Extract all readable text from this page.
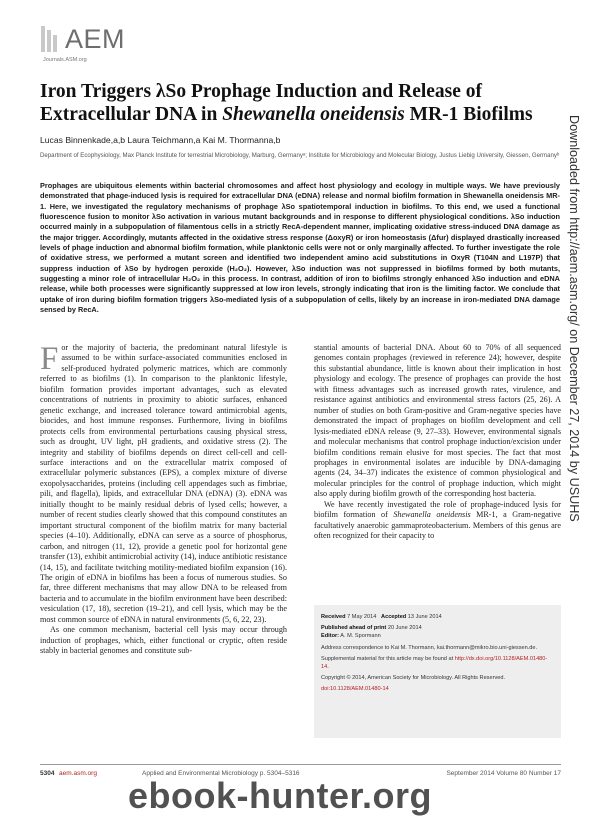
AEM
Journals.ASM.org
Downloaded from http://aem.asm.org/ on December 27, 2014 by USUHS
Iron Triggers λSo Prophage Induction and Release of Extracellular DNA in Shewanella oneidensis MR-1 Biofilms
Lucas Binnenkade,a,b Laura Teichmann,a Kai M. Thormanna,b
Department of Ecophysiology, Max Planck Institute for terrestrial Microbiology, Marburg, Germanyᵃ; Institute for Microbiology and Molecular Biology, Justus Liebig University, Giessen, Germanyᵇ
Prophages are ubiquitous elements within bacterial chromosomes and affect host physiology and ecology in multiple ways. We have previously demonstrated that phage-induced lysis is required for extracellular DNA (eDNA) release and normal biofilm formation in Shewanella oneidensis MR-1. Here, we investigated the regulatory mechanisms of prophage λSo spatiotemporal induction in biofilms. To this end, we used a functional fluorescence fusion to monitor λSo activation in various mutant backgrounds and in response to different physiological conditions. λSo induction occurred mainly in a subpopulation of filamentous cells in a strictly RecA-dependent manner, implicating oxidative stress-induced DNA damage as the major trigger. Accordingly, mutants affected in the oxidative stress response (ΔoxyR) or iron homeostasis (Δfur) displayed drastically increased levels of phage induction and abnormal biofilm formation, while planktonic cells were not or only marginally affected. To further investigate the role of oxidative stress, we performed a mutant screen and identified two independent amino acid substitutions in OxyR (T104N and L197P) that suppress induction of λSo by hydrogen peroxide (H₂O₂). However, λSo induction was not suppressed in biofilms formed by both mutants, suggesting a minor role of intracellular H₂O₂ in this process. In contrast, addition of iron to biofilms strongly enhanced λSo induction and eDNA release, while both processes were significantly suppressed at low iron levels, strongly indicating that iron is the limiting factor. We conclude that uptake of iron during biofilm formation triggers λSo-mediated lysis of a subpopulation of cells, likely by an increase in iron-mediated DNA damage sensed by RecA.

For the majority of bacteria, the predominant natural lifestyle is assumed to be within surface-associated communities enclosed in self-produced hydrated polymeric matrices, which are commonly referred to as biofilms (1). In comparison to the planktonic lifestyle, biofilm formation provides important advantages, such as elevated concentrations of nutrients in proximity to abiotic surfaces, enhanced genetic exchange, and increased tolerance toward antimicrobial agents, biocides, and host immune responses. Furthermore, living in biofilms protects cells from environmental perturbations causing physical stress, such as drought, UV light, pH gradients, and oxidative stress (2). The integrity and stability of biofilms depends on direct cell-cell and cell-surface interactions and on the extracellular matrix composed of extracellular polymeric substances (EPS), a complex mixture of diverse exopolysaccharides, proteins (including cell appendages such as fimbriae, pili, and flagella), lipids, and extracellular DNA (eDNA) (3). eDNA was initially thought to be mainly residual debris of lysed cells; however, a number of recent studies clearly showed that this compound constitutes an important structural component of the biofilm matrix for many bacterial species (4–10). Additionally, eDNA can serve as a source of phosphorus, carbon, and nitrogen (11, 12), provide a genetic pool for horizontal gene transfer (13), exhibit antimicrobial activity (14), induce antibiotic resistance (14, 15), and facilitate twitching motility-mediated biofilm expansion (16). The origin of eDNA in biofilms has been a focus of numerous studies. So far, three different mechanisms that may allow DNA to be released from bacteria and to accumulate in the biofilm environment have been described: vesiculation (17, 18), secretion (19–21), and cell lysis, which may be the most common source of eDNA in natural environments (5, 6, 22, 23).

As one common mechanism, bacterial cell lysis may occur through induction of prophages, which, either functional or cryptic, often reside stably in bacterial genomes and constitute sub-

stantial amounts of bacterial DNA. About 60 to 70% of all sequenced genomes contain prophages (reviewed in reference 24); however, despite this substantial abundance, little is known about their implication in host physiology and ecology. The presence of prophages can provide the host with fitness advantages such as increased growth rates, virulence, and resistance against antibiotics and environmental stress factors (25, 26). A number of studies on both Gram-positive and Gram-negative species have demonstrated the impact of prophages on biofilm development and cell lysis-mediated eDNA release (9, 27–33). However, environmental signals and molecular mechanisms that control prophage induction/excision under biofilm conditions remain elusive for most species. The fact that most prophages in environmental isolates are inducible by DNA-damaging agents (24, 34–37) indicates the existence of common physiological and molecular principles for the control of prophage induction, which might also apply during biofilm growth of the corresponding host bacteria.

We have recently investigated the role of prophage-induced lysis for biofilm formation of Shewanella oneidensis MR-1, a Gram-negative facultatively anaerobic gammaproteobacterium. Members of this genus are often recognized for their capacity to

Received 7 May 2014 Accepted 13 June 2014
Published ahead of print 20 June 2014
Editor: A. M. Spormann
Address correspondence to Kai M. Thormann, kai.thormann@mikro.bio.uni-giessen.de.
Supplemental material for this article may be found at http://dx.doi.org/10.1128/AEM.01480-14.
Copyright © 2014, American Society for Microbiology. All Rights Reserved.
doi:10.1128/AEM.01480-14
5304 aem.asm.org	Applied and Environmental Microbiology p. 5304–5316	September 2014 Volume 80 Number 17
ebook-hunter.org
